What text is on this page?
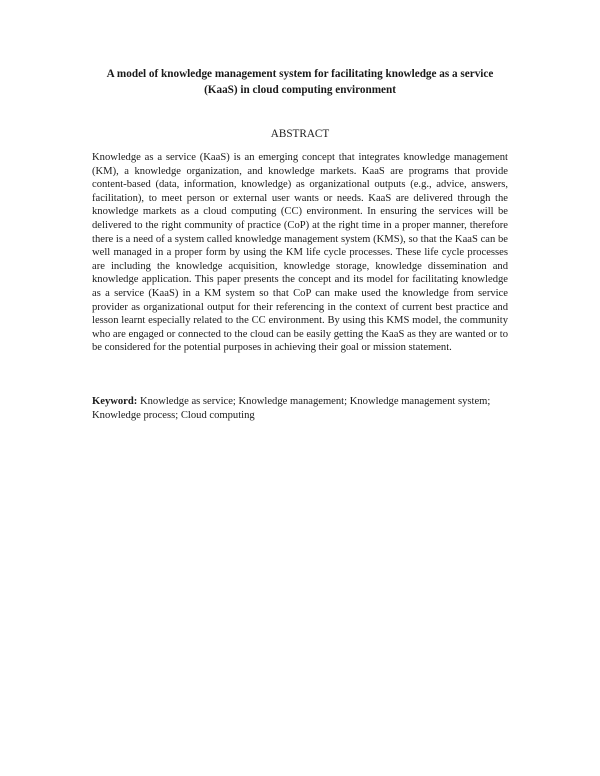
A model of knowledge management system for facilitating knowledge as a service (KaaS) in cloud computing environment
ABSTRACT

Knowledge as a service (KaaS) is an emerging concept that integrates knowledge management (KM), a knowledge organization, and knowledge markets. KaaS are programs that provide content-based (data, information, knowledge) as organizational outputs (e.g., advice, answers, facilitation), to meet person or external user wants or needs. KaaS are delivered through the knowledge markets as a cloud computing (CC) environment. In ensuring the services will be delivered to the right community of practice (CoP) at the right time in a proper manner, therefore there is a need of a system called knowledge management system (KMS), so that the KaaS can be well managed in a proper form by using the KM life cycle processes. These life cycle processes are including the knowledge acquisition, knowledge storage, knowledge dissemination and knowledge application. This paper presents the concept and its model for facilitating knowledge as a service (KaaS) in a KM system so that CoP can make used the knowledge from service provider as organizational output for their referencing in the context of current best practice and lesson learnt especially related to the CC environment. By using this KMS model, the community who are engaged or connected to the cloud can be easily getting the KaaS as they are wanted or to be considered for the potential purposes in achieving their goal or mission statement.

Keyword: Knowledge as service; Knowledge management; Knowledge management system; Knowledge process; Cloud computing
